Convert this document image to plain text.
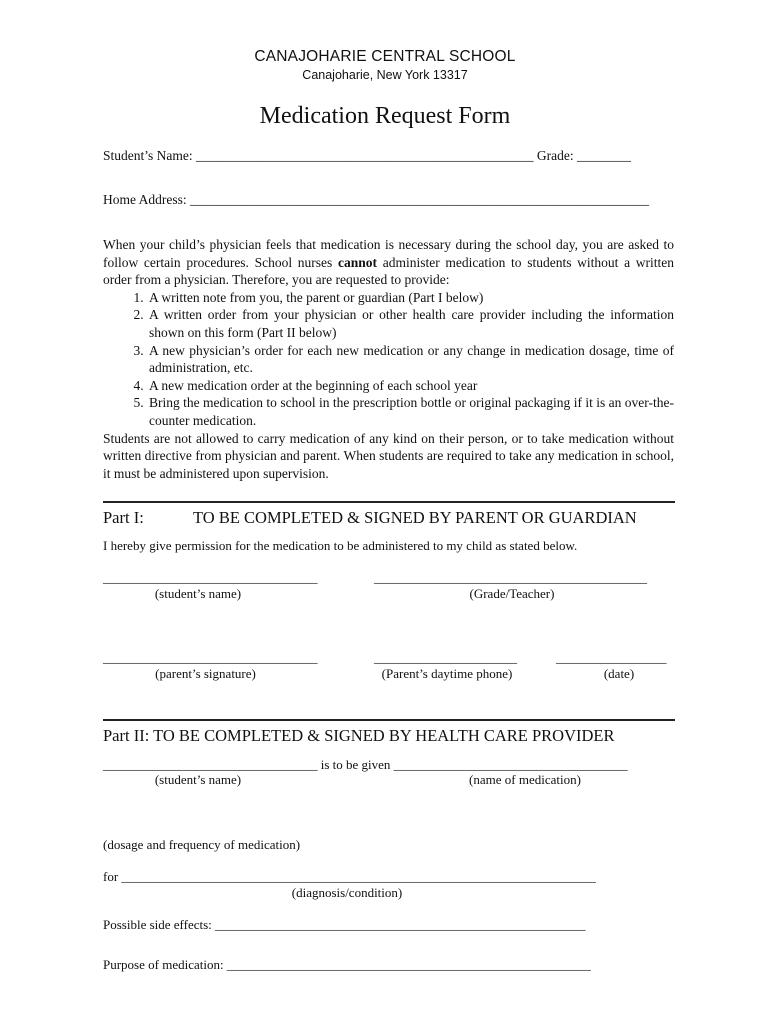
CANAJOHARIE CENTRAL SCHOOL
Canajoharie, New York 13317
Medication Request Form
Student’s Name: __________________________________________________ Grade: ________
Home Address: ____________________________________________________________________

When your child’s physician feels that medication is necessary during the school day, you are asked to follow certain procedures. School nurses cannot administer medication to students without a written order from a physician. Therefore, you are requested to provide:

1. A written note from you, the parent or guardian (Part I below)
2. A written order from your physician or other health care provider including the information shown on this form (Part II below)
3. A new physician’s order for each new medication or any change in medication dosage, time of administration, etc.
4. A new medication order at the beginning of each school year
5. Bring the medication to school in the prescription bottle or original packaging if it is an over-the-counter medication.

Students are not allowed to carry medication of any kind on their person, or to take medication without written directive from physician and parent. When students are required to take any medication in school, it must be administered upon supervision.

Part I:	TO BE COMPLETED & SIGNED BY PARENT OR GUARDIAN
I hereby give permission for the medication to be administered to my child as stated below.
_________________________________	__________________________________________
(student’s name)	(Grade/Teacher)
_________________________________	______________________	_________________
(parent’s signature)	(Parent’s daytime phone)	(date)
Part II: TO BE COMPLETED & SIGNED BY HEALTH CARE PROVIDER
_________________________________ is to be given ____________________________________
(student’s name)	(name of medication)
(dosage and frequency of medication)
for _________________________________________________________________________
(diagnosis/condition)
Possible side effects: _________________________________________________________
Purpose of medication: ________________________________________________________
